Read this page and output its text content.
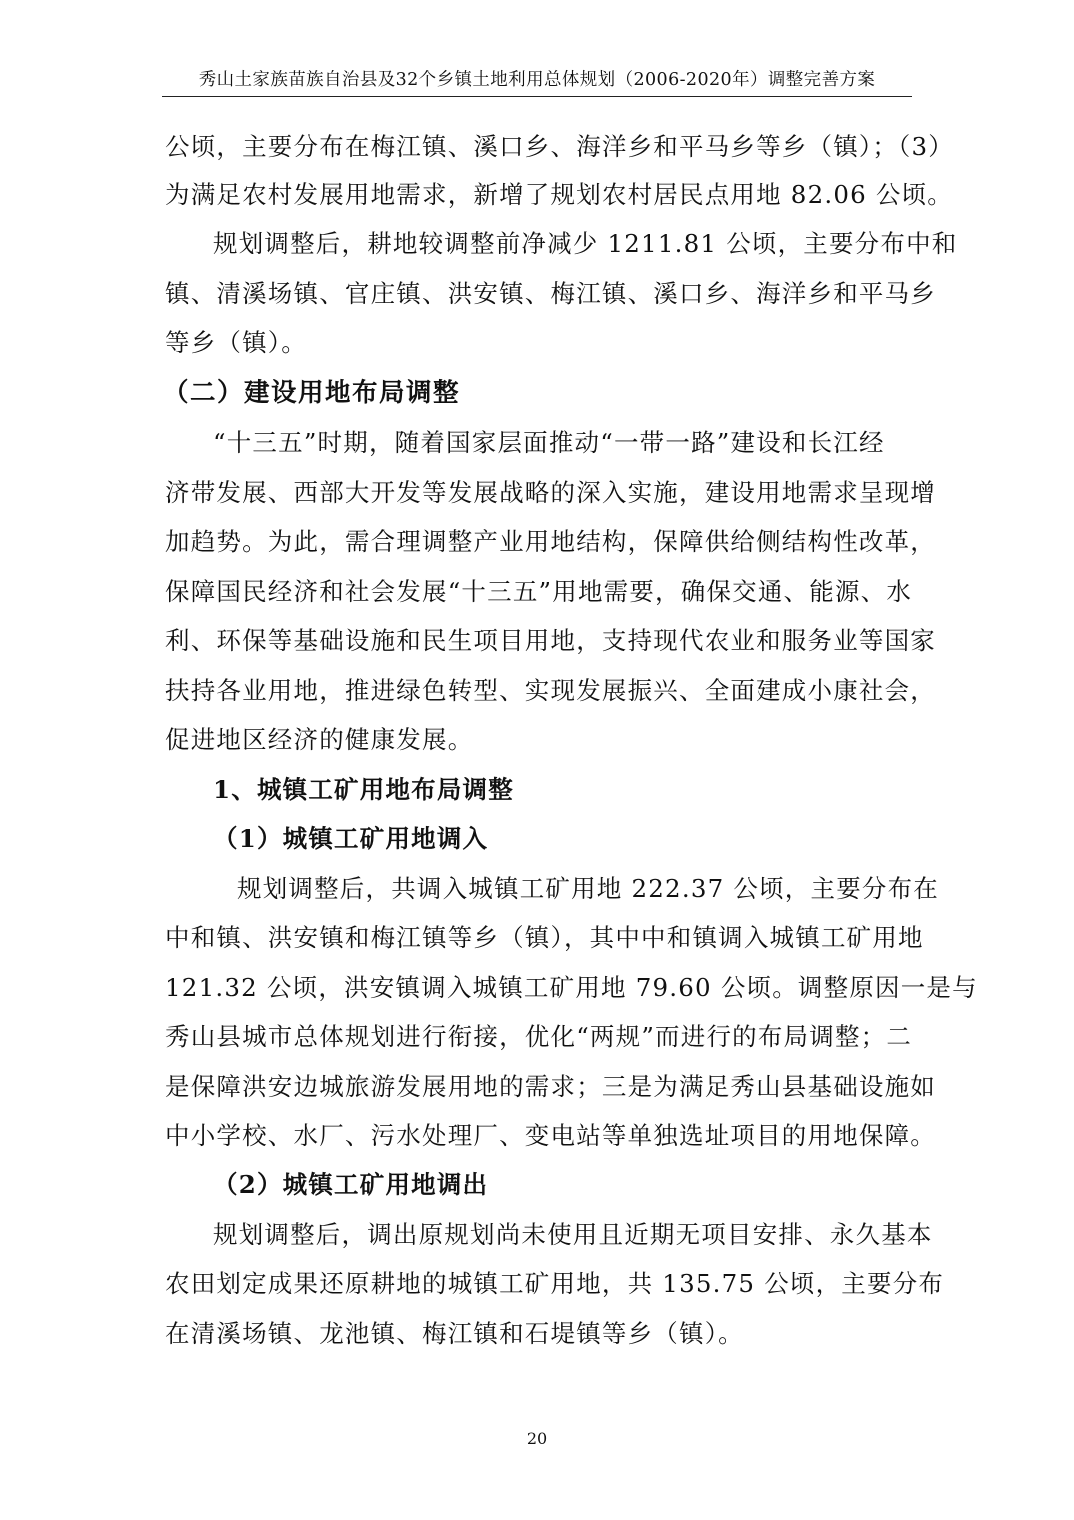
秀山土家族苗族自治县及32个乡镇土地利用总体规划（2006-2020年）调整完善方案
公顷，主要分布在梅江镇、溪口乡、海洋乡和平马乡等乡（镇）；（3）
为满足农村发展用地需求，新增了规划农村居民点用地 82.06 公顷。
规划调整后，耕地较调整前净减少 1211.81 公顷，主要分布中和
镇、清溪场镇、官庄镇、洪安镇、梅江镇、溪口乡、海洋乡和平马乡
等乡（镇）。
（二）建设用地布局调整
“十三五”时期，随着国家层面推动“一带一路”建设和长江经
济带发展、西部大开发等发展战略的深入实施，建设用地需求呈现增
加趋势。为此，需合理调整产业用地结构，保障供给侧结构性改革，
保障国民经济和社会发展“十三五”用地需要，确保交通、能源、水
利、环保等基础设施和民生项目用地，支持现代农业和服务业等国家
扶持各业用地，推进绿色转型、实现发展振兴、全面建成小康社会，
促进地区经济的健康发展。
1、城镇工矿用地布局调整
（1）城镇工矿用地调入
规划调整后，共调入城镇工矿用地 222.37 公顷，主要分布在
中和镇、洪安镇和梅江镇等乡（镇），其中中和镇调入城镇工矿用地
121.32 公顷，洪安镇调入城镇工矿用地 79.60 公顷。调整原因一是与
秀山县城市总体规划进行衔接，优化“两规”而进行的布局调整；二
是保障洪安边城旅游发展用地的需求；三是为满足秀山县基础设施如
中小学校、水厂、污水处理厂、变电站等单独选址项目的用地保障。
（2）城镇工矿用地调出
规划调整后，调出原规划尚未使用且近期无项目安排、永久基本
农田划定成果还原耕地的城镇工矿用地，共 135.75 公顷，主要分布
在清溪场镇、龙池镇、梅江镇和石堤镇等乡（镇）。
20
